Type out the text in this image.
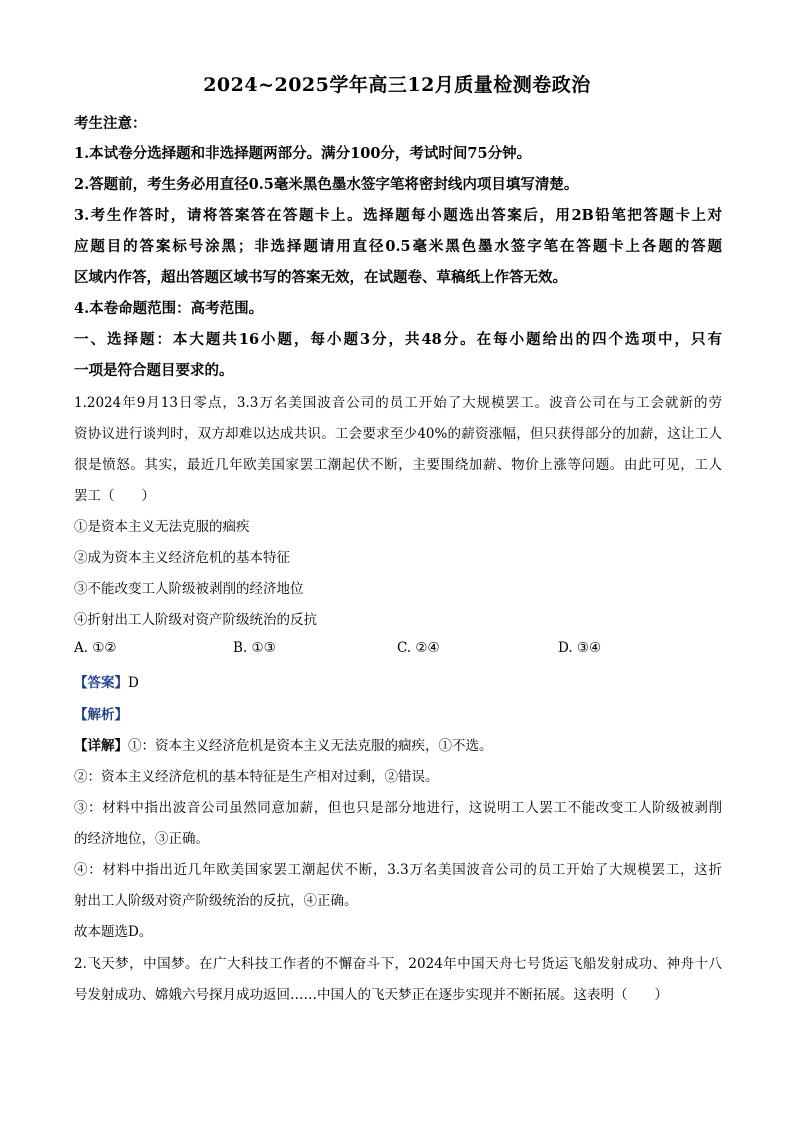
2024~2025学年高三12月质量检测卷政治
考生注意：
1.本试卷分选择题和非选择题两部分。满分100分，考试时间75分钟。
2.答题前，考生务必用直径0.5毫米黑色墨水签字笔将密封线内项目填写清楚。
3.考生作答时，请将答案答在答题卡上。选择题每小题选出答案后，用2B铅笔把答题卡上对
应题目的答案标号涂黑；非选择题请用直径0.5毫米黑色墨水签字笔在答题卡上各题的答题
区域内作答，超出答题区域书写的答案无效，在试题卷、草稿纸上作答无效。
4.本卷命题范围：高考范围。
一、选择题：本大题共16小题，每小题3分，共48分。在每小题给出的四个选项中，只有
一项是符合题目要求的。
1.2024年9月13日零点，3.3万名美国波音公司的员工开始了大规模罢工。波音公司在与工会就新的劳
资协议进行谈判时，双方却难以达成共识。工会要求至少40%的薪资涨幅，但只获得部分的加薪，这让工人
很是愤怒。其实，最近几年欧美国家罢工潮起伏不断，主要围绕加薪、物价上涨等问题。由此可见，工人
罢工（　　）
①是资本主义无法克服的痼疾
②成为资本主义经济危机的基本特征
③不能改变工人阶级被剥削的经济地位
④折射出工人阶级对资产阶级统治的反抗
A. ①②	B. ①③	C. ②④	D. ③④
【答案】D
【解析】
【详解】①：资本主义经济危机是资本主义无法克服的痼疾，①不选。
②：资本主义经济危机的基本特征是生产相对过剩，②错误。
③：材料中指出波音公司虽然同意加薪，但也只是部分地进行，这说明工人罢工不能改变工人阶级被剥削
的经济地位，③正确。
④：材料中指出近几年欧美国家罢工潮起伏不断，3.3万名美国波音公司的员工开始了大规模罢工，这折
射出工人阶级对资产阶级统治的反抗，④正确。
故本题选D。
2.飞天梦，中国梦。在广大科技工作者的不懈奋斗下，2024年中国天舟七号货运飞船发射成功、神舟十八
号发射成功、嫦娥六号探月成功返回……中国人的飞天梦正在逐步实现并不断拓展。这表明（　　）
